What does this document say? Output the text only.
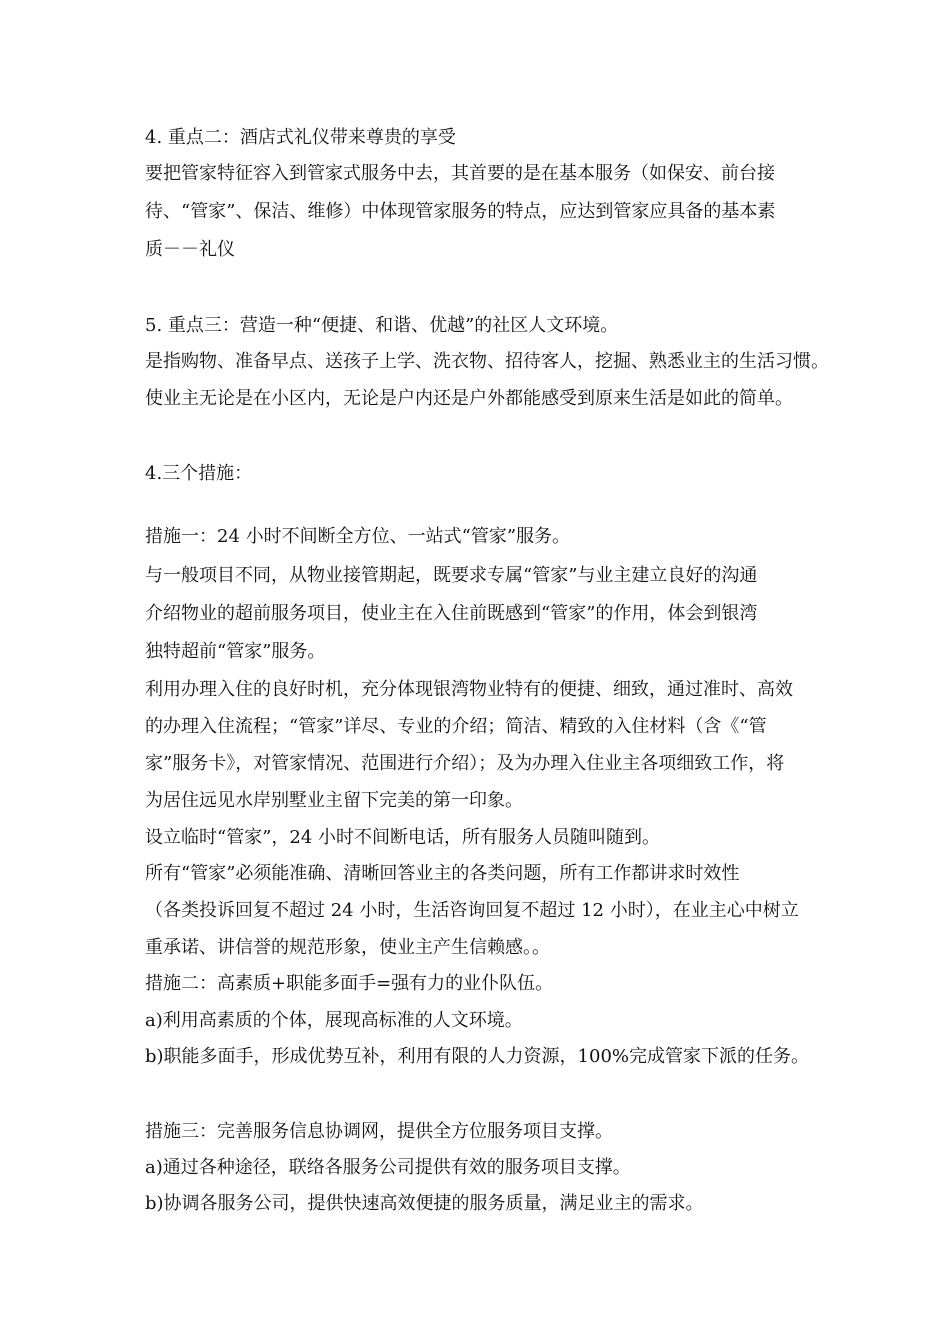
4. 重点二：酒店式礼仪带来尊贵的享受
要把管家特征容入到管家式服务中去，其首要的是在基本服务（如保安、前台接
待、“管家”、保洁、维修）中体现管家服务的特点，应达到管家应具备的基本素
质－－礼仪
5. 重点三：营造一种“便捷、和谐、优越”的社区人文环境。
是指购物、准备早点、送孩子上学、洗衣物、招待客人，挖掘、熟悉业主的生活习惯。
使业主无论是在小区内，无论是户内还是户外都能感受到原来生活是如此的简单。
4.三个措施：
措施一：24 小时不间断全方位、一站式“管家”服务。
与一般项目不同，从物业接管期起，既要求专属“管家”与业主建立良好的沟通
介绍物业的超前服务项目，使业主在入住前既感到“管家”的作用，体会到银湾
独特超前“管家”服务。
利用办理入住的良好时机，充分体现银湾物业特有的便捷、细致，通过准时、高效
的办理入住流程；“管家”详尽、专业的介绍；简洁、精致的入住材料（含《“管
家”服务卡》，对管家情况、范围进行介绍）；及为办理入住业主各项细致工作，将
为居住远见水岸别墅业主留下完美的第一印象。
设立临时“管家”，24 小时不间断电话，所有服务人员随叫随到。
所有“管家”必须能准确、清晰回答业主的各类问题，所有工作都讲求时效性
（各类投诉回复不超过 24 小时，生活咨询回复不超过 12 小时），在业主心中树立
重承诺、讲信誉的规范形象，使业主产生信赖感。。
措施二：高素质+职能多面手=强有力的业仆队伍。
a)利用高素质的个体，展现高标准的人文环境。
b)职能多面手，形成优势互补，利用有限的人力资源，100%完成管家下派的任务。
措施三：完善服务信息协调网，提供全方位服务项目支撑。
a)通过各种途径，联络各服务公司提供有效的服务项目支撑。
b)协调各服务公司，提供快速高效便捷的服务质量，满足业主的需求。
